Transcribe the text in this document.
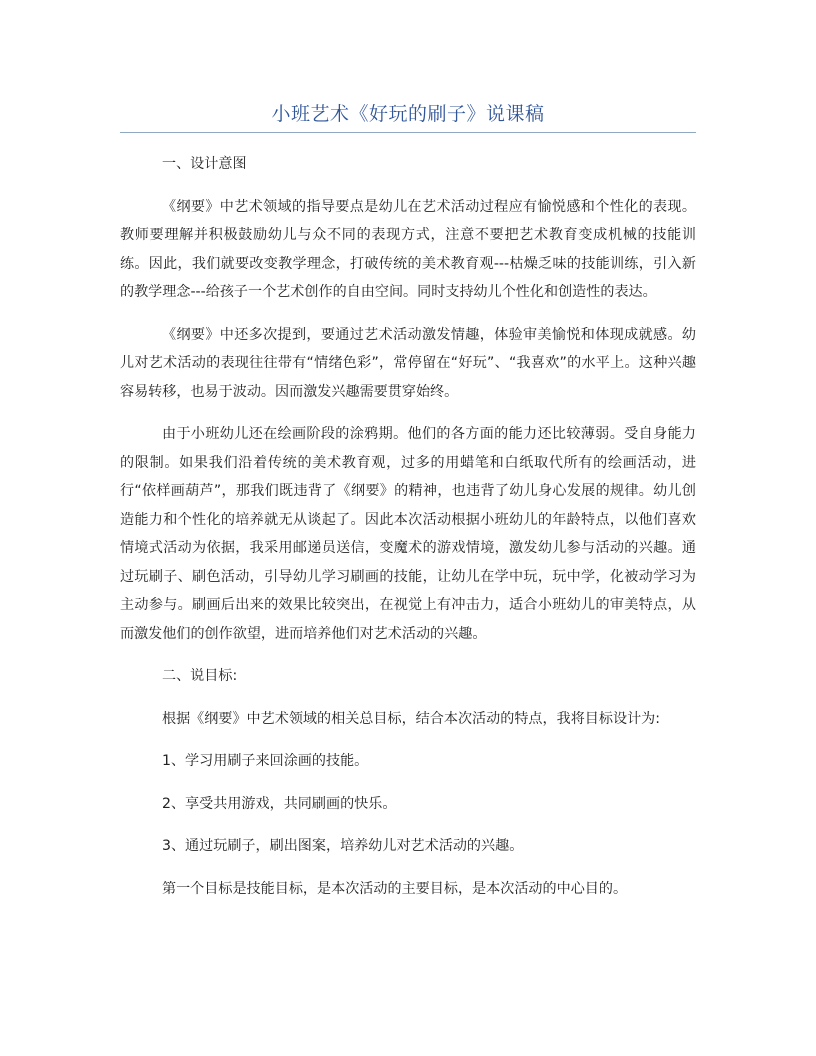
小班艺术《好玩的刷子》说课稿

一、设计意图

《纲要》中艺术领域的指导要点是幼儿在艺术活动过程应有愉悦感和个性化的表现。教师要理解并积极鼓励幼儿与众不同的表现方式，注意不要把艺术教育变成机械的技能训练。因此，我们就要改变教学理念，打破传统的美术教育观---枯燥乏味的技能训练，引入新的教学理念---给孩子一个艺术创作的自由空间。同时支持幼儿个性化和创造性的表达。

《纲要》中还多次提到，要通过艺术活动激发情趣，体验审美愉悦和体现成就感。幼儿对艺术活动的表现往往带有“情绪色彩”，常停留在“好玩”、“我喜欢”的水平上。这种兴趣容易转移，也易于波动。因而激发兴趣需要贯穿始终。

由于小班幼儿还在绘画阶段的涂鸦期。他们的各方面的能力还比较薄弱。受自身能力的限制。如果我们沿着传统的美术教育观，过多的用蜡笔和白纸取代所有的绘画活动，进行“依样画葫芦”，那我们既违背了《纲要》的精神，也违背了幼儿身心发展的规律。幼儿创造能力和个性化的培养就无从谈起了。因此本次活动根据小班幼儿的年龄特点，以他们喜欢情境式活动为依据，我采用邮递员送信，变魔术的游戏情境，激发幼儿参与活动的兴趣。通过玩刷子、刷色活动，引导幼儿学习刷画的技能，让幼儿在学中玩，玩中学，化被动学习为主动参与。刷画后出来的效果比较突出，在视觉上有冲击力，适合小班幼儿的审美特点，从而激发他们的创作欲望，进而培养他们对艺术活动的兴趣。

二、说目标:

根据《纲要》中艺术领域的相关总目标，结合本次活动的特点，我将目标设计为:

1、学习用刷子来回涂画的技能。

2、享受共用游戏，共同刷画的快乐。

3、通过玩刷子，刷出图案，培养幼儿对艺术活动的兴趣。

第一个目标是技能目标，是本次活动的主要目标，是本次活动的中心目的。
